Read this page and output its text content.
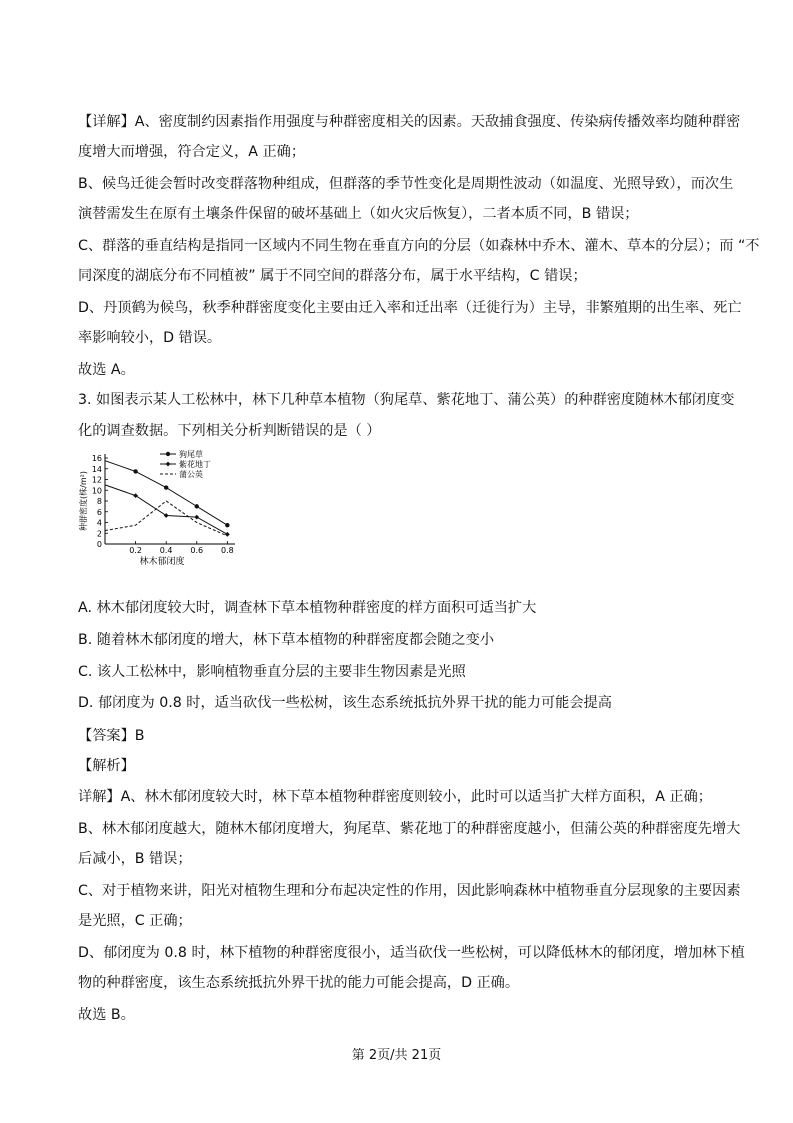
【详解】A、密度制约因素指作用强度与种群密度相关的因素。天敌捕食强度、传染病传播效率均随种群密
度增大而增强，符合定义，A 正确；
B、候鸟迁徙会暂时改变群落物种组成，但群落的季节性变化是周期性波动（如温度、光照导致），而次生
演替需发生在原有土壤条件保留的破坏基础上（如火灾后恢复），二者本质不同，B 错误；
C、群落的垂直结构是指同一区域内不同生物在垂直方向的分层（如森林中乔木、灌木、草本的分层）；而 “不
同深度的湖底分布不同植被” 属于不同空间的群落分布，属于水平结构，C 错误；
D、丹顶鹤为候鸟，秋季种群密度变化主要由迁入率和迁出率（迁徙行为）主导，非繁殖期的出生率、死亡
率影响较小，D 错误。
故选 A。
3. 如图表示某人工松林中，林下几种草本植物（狗尾草、紫花地丁、蒲公英）的种群密度随林木郁闭度变
化的调查数据。下列相关分析判断错误的是（ ）
A. 林木郁闭度较大时，调查林下草本植物种群密度的样方面积可适当扩大
B. 随着林木郁闭度的增大，林下草本植物的种群密度都会随之变小
C. 该人工松林中，影响植物垂直分层的主要非生物因素是光照
D. 郁闭度为 0.8 时，适当砍伐一些松树，该生态系统抵抗外界干扰的能力可能会提高
【答案】B
【解析】
详解】A、林木郁闭度较大时，林下草本植物种群密度则较小，此时可以适当扩大样方面积，A 正确；
B、林木郁闭度越大，随林木郁闭度增大，狗尾草、紫花地丁的种群密度越小，但蒲公英的种群密度先增大
后减小，B 错误；
C、对于植物来讲，阳光对植物生理和分布起决定性的作用，因此影响森林中植物垂直分层现象的主要因素
是光照，C 正确；
D、郁闭度为 0.8 时，林下植物的种群密度很小，适当砍伐一些松树，可以降低林木的郁闭度，增加林下植
物的种群密度，该生态系统抵抗外界干扰的能力可能会提高，D 正确。
故选 B。
0
2
4
6
8
10
12
14
16
0.2 0.4 0.6 0.8
林木郁闭度
种群密度(株/m²)
狗尾草
紫花地丁
蒲公英
第 2页/共 21页
